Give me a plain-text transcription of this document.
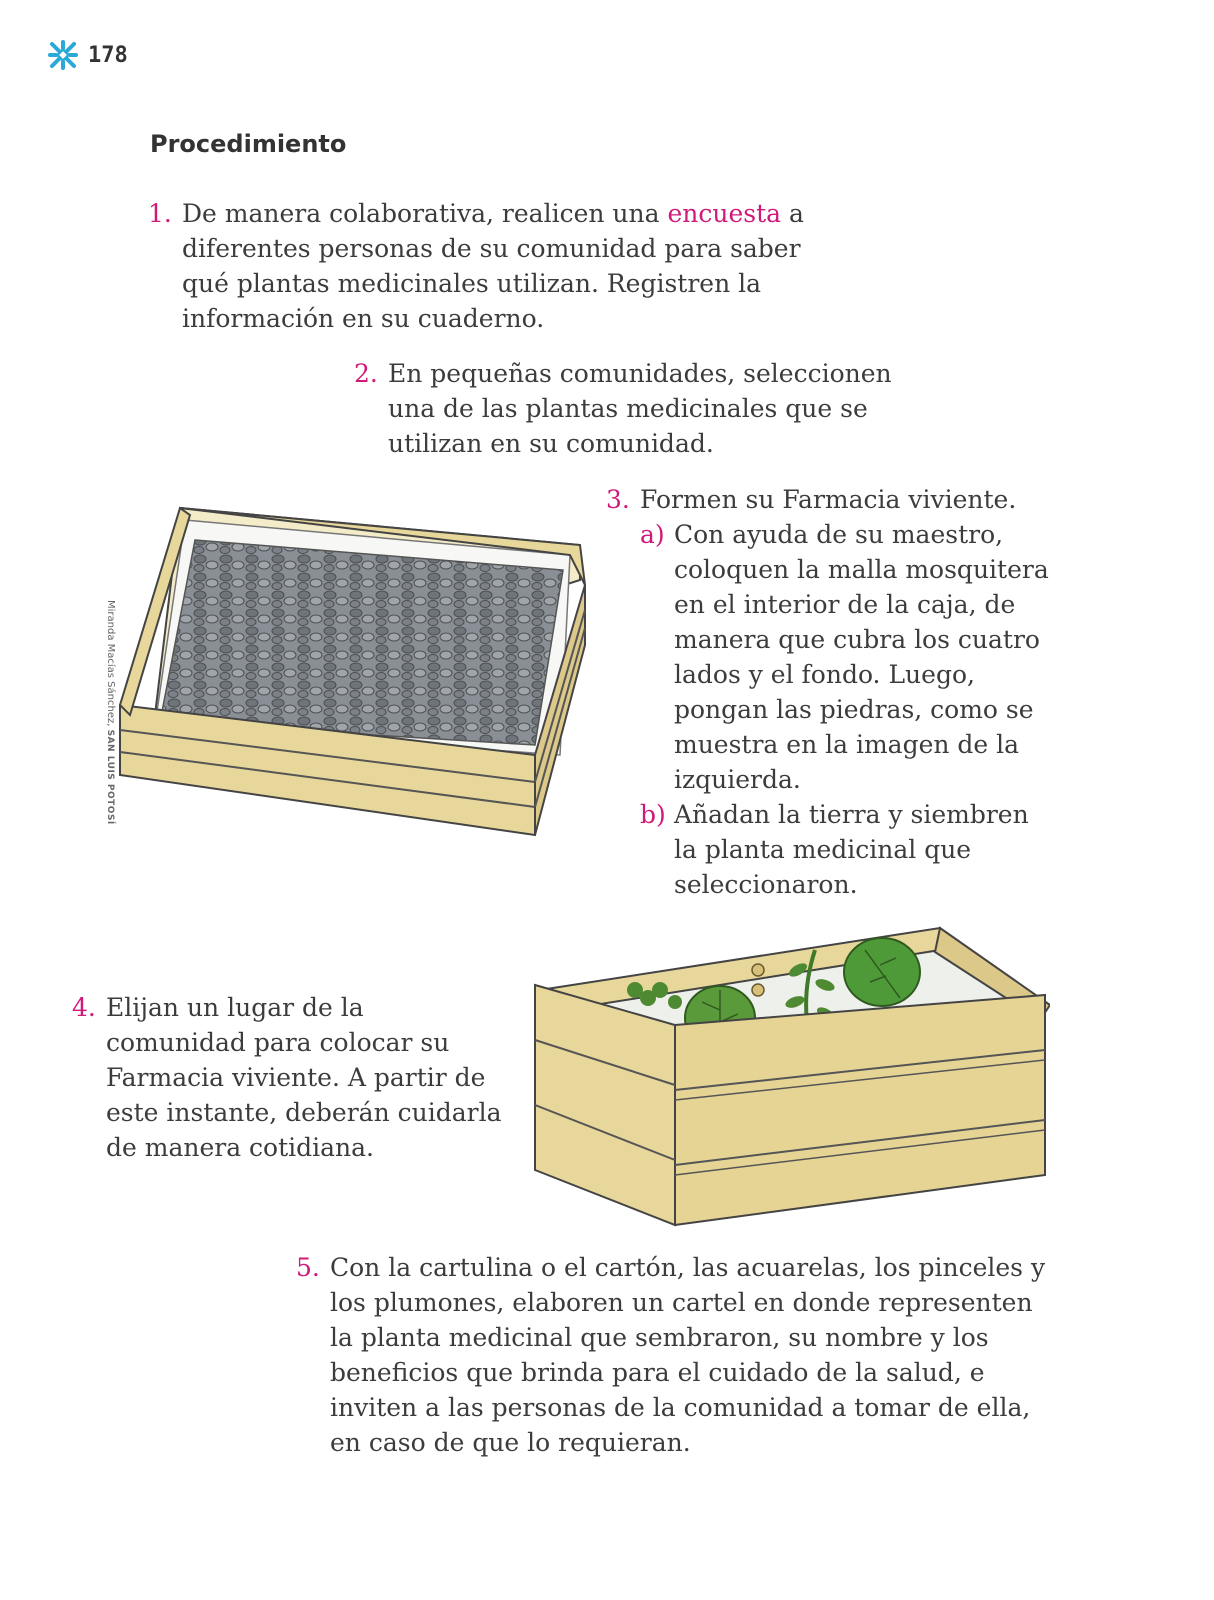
178
Procedimiento
1. De manera colaborativa, realicen una encuesta a diferentes personas de su comunidad para saber qué plantas medicinales utilizan. Registren la información en su cuaderno.

2. En pequeñas comunidades, seleccionen una de las plantas medicinales que se utilizan en su comunidad.

3. Formen su Farmacia viviente.

a) Con ayuda de su maestro, coloquen la malla mosquitera en el interior de la caja, de manera que cubra los cuatro lados y el fondo. Luego, pongan las piedras, como se muestra en la imagen de la izquierda.

b) Añadan la tierra y siembren la planta medicinal que seleccionaron.

4. Elijan un lugar de la comunidad para colocar su Farmacia viviente. A partir de este instante, deberán cuidarla de manera cotidiana.

5. Con la cartulina o el cartón, las acuarelas, los pinceles y los plumones, elaboren un cartel en donde representen la planta medicinal que sembraron, su nombre y los beneficios que brinda para el cuidado de la salud, e inviten a las personas de la comunidad a tomar de ella, en caso de que lo requieran.

Miranda Macías Sánchez, SAN LUIS POTOSÍ
